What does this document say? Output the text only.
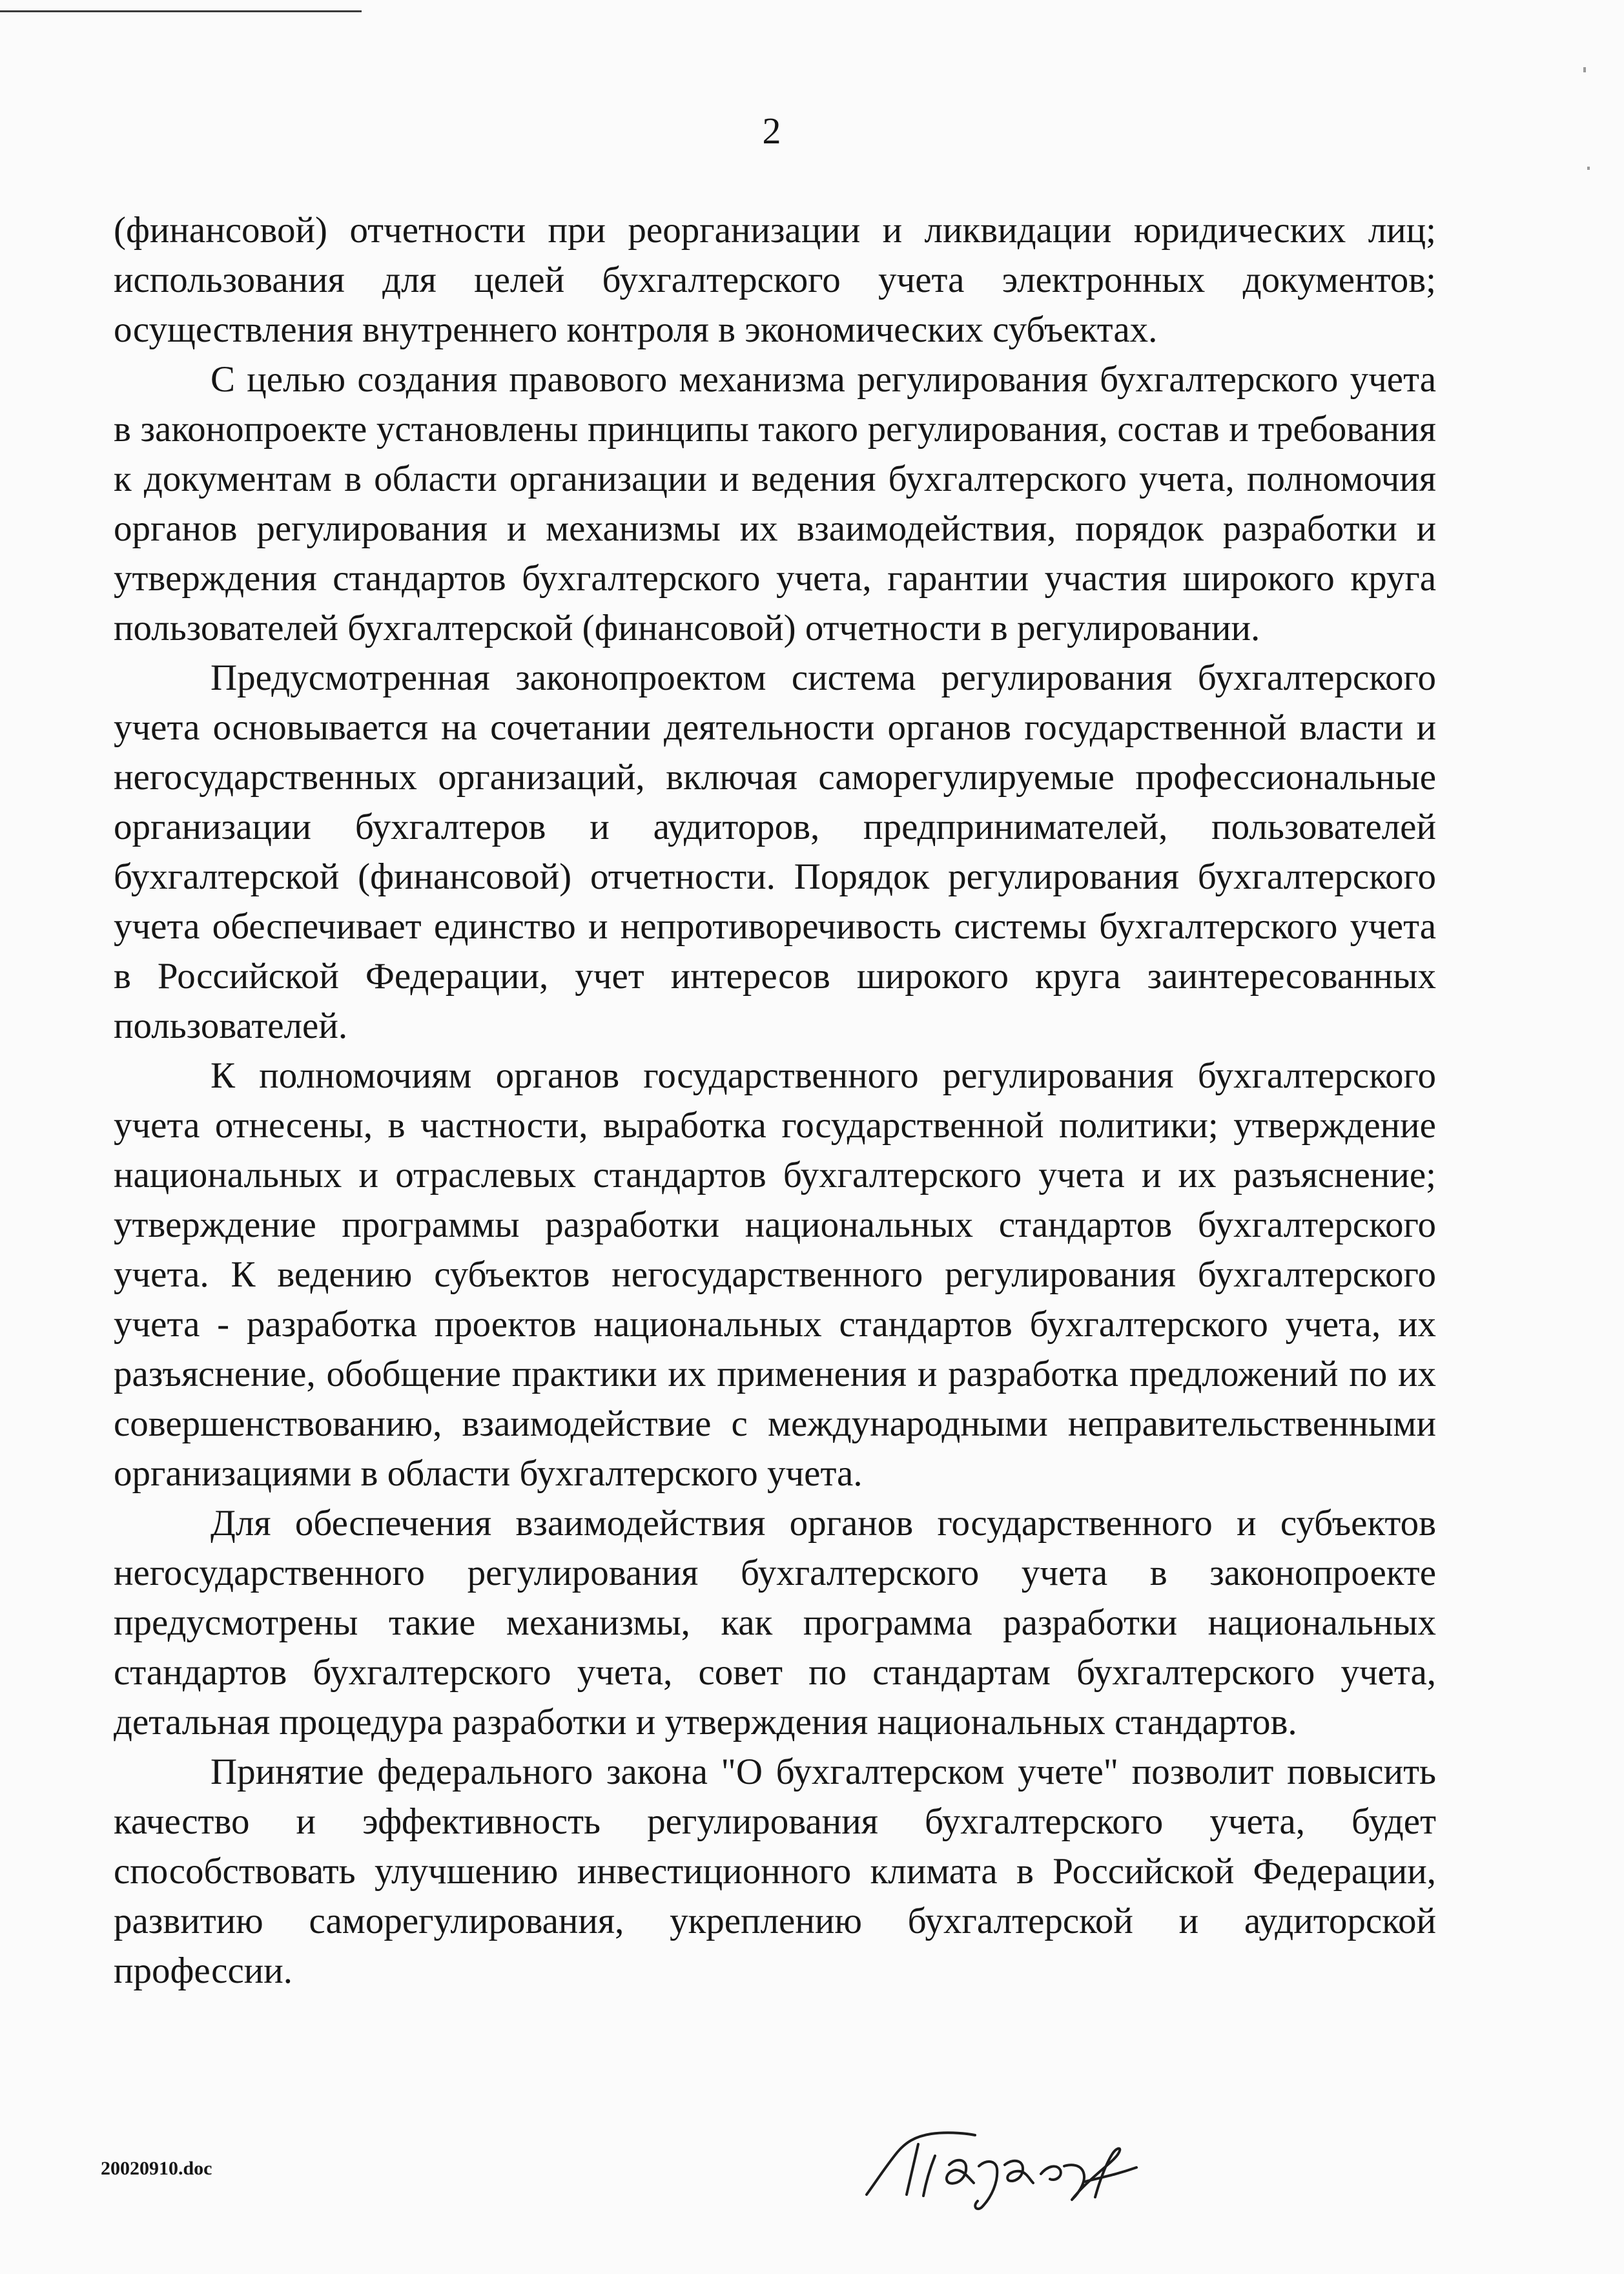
2

(финансовой) отчетности при реорганизации и ликвидации юридических лиц; использования для целей бухгалтерского учета электронных документов; осуществления внутреннего контроля в экономических субъектах.

С целью создания правового механизма регулирования бухгалтерского учета в законопроекте установлены принципы такого регулирования, состав и требования к документам в области организации и ведения бухгалтерского учета, полномочия органов регулирования и механизмы их взаимодействия, порядок разработки и утверждения стандартов бухгалтерского учета, гарантии участия широкого круга пользователей бухгалтерской (финансовой) отчетности в регулировании.

Предусмотренная законопроектом система регулирования бухгалтерского учета основывается на сочетании деятельности органов государственной власти и негосударственных организаций, включая саморегулируемые профессиональные организации бухгалтеров и аудиторов, предпринимателей, пользователей бухгалтерской (финансовой) отчетности. Порядок регулирования бухгалтерского учета обеспечивает единство и непротиворечивость системы бухгалтерского учета в Российской Федерации, учет интересов широкого круга заинтересованных пользователей.

К полномочиям органов государственного регулирования бухгалтерского учета отнесены, в частности, выработка государственной политики; утверждение национальных и отраслевых стандартов бухгалтерского учета и их разъяснение; утверждение программы разработки национальных стандартов бухгалтерского учета. К ведению субъектов негосударственного регулирования бухгалтерского учета - разработка проектов национальных стандартов бухгалтерского учета, их разъяснение, обобщение практики их применения и разработка предложений по их совершенствованию, взаимодействие с международными неправительственными организациями в области бухгалтерского учета.

Для обеспечения взаимодействия органов государственного и субъектов негосударственного регулирования бухгалтерского учета в законопроекте предусмотрены такие механизмы, как программа разработки национальных стандартов бухгалтерского учета, совет по стандартам бухгалтерского учета, детальная процедура разработки и утверждения национальных стандартов.

Принятие федерального закона "О бухгалтерском учете" позволит повысить качество и эффективность регулирования бухгалтерского учета, будет способствовать улучшению инвестиционного климата в Российской Федерации, развитию саморегулирования, укреплению бухгалтерской и аудиторской профессии.

20020910.doc
